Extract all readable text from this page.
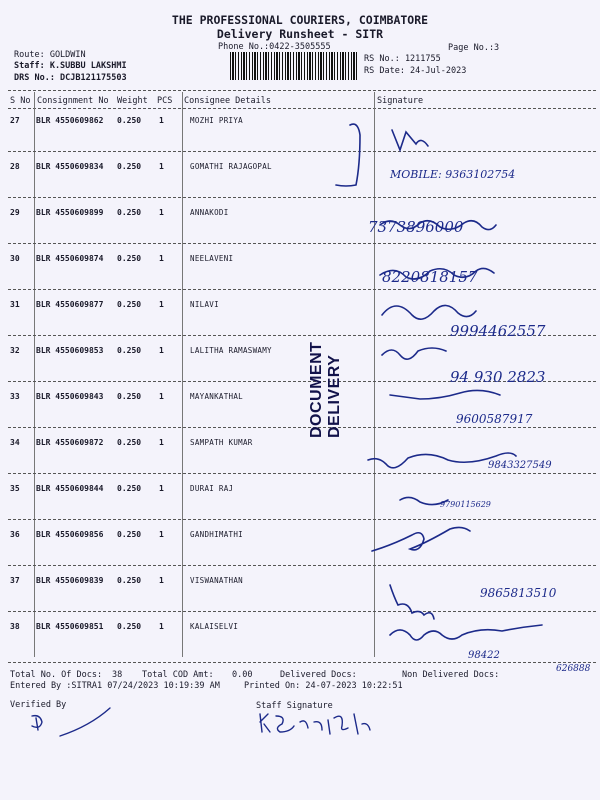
THE PROFESSIONAL COURIERS, COIMBATORE
Delivery Runsheet - SITR
Phone No.:0422-3505555	Page No.:3
Route: GOLDWIN
Staff: K.SUBBU LAKSHMI
DRS No.: DCJB121175503
RS No.: 1211755
RS Date: 24-Jul-2023
S No Consignment No Weight PCS Consignee Details	Signature
27 BLR 4550609862 0.250 1	MOZHI PRIYA
28 BLR 4550609834 0.250 1	GOMATHI RAJAGOPAL
29 BLR 4550609899 0.250 1	ANNAKODI
30 BLR 4550609874 0.250 1	NEELAVENI
31 BLR 4550609877 0.250 1	NILAVI
32 BLR 4550609853 0.250 1	LALITHA RAMASWAMY
33 BLR 4550609843 0.250 1	MAYANKATHAL
34 BLR 4550609872 0.250 1	SAMPATH KUMAR
35 BLR 4550609844 0.250 1	DURAI RAJ
36 BLR 4550609856 0.250 1	GANDHIMATHI
37 BLR 4550609839 0.250 1	VISWANATHAN
38 BLR 4550609851 0.250 1	KALAISELVI
DOCUMENT DELIVERY
MOBILE: 9363102754
7373896000
8220818157
9994462557
94 930 2823
9600587917
9843327549
9790115629
9865813510
98422
Total No. Of Docs: 38 Total COD Amt: 0.00	Delivered Docs:	Non Delivered Docs:
626888
Entered By :SITRA1 07/24/2023 10:19:39 AM	Printed On: 24-07-2023 10:22:51
Verified By	Staff Signature
